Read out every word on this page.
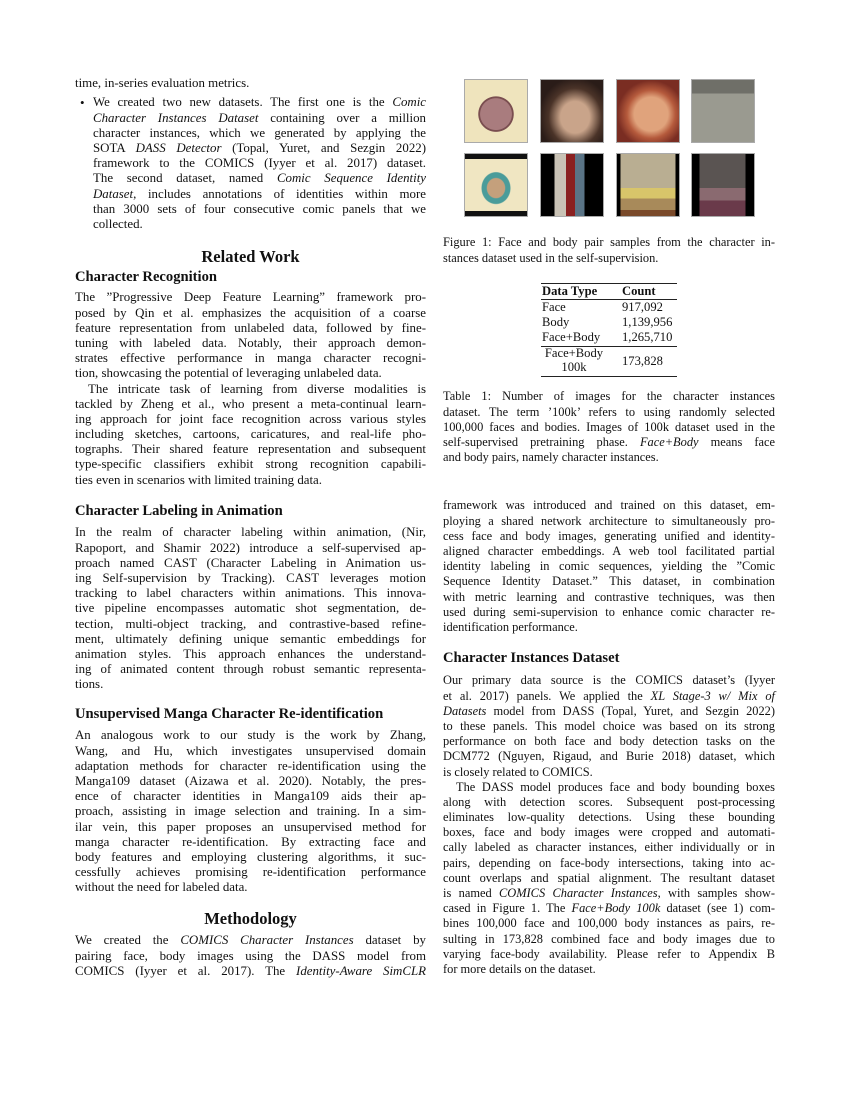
time, in-series evaluation metrics.
• We created two new datasets. The first one is the Comic
Character Instances Dataset containing over a million
character instances, which we generated by applying the
SOTA DASS Detector (Topal, Yuret, and Sezgin 2022)
framework to the COMICS (Iyyer et al. 2017) dataset.
The second dataset, named Comic Sequence Identity
Dataset, includes annotations of identities within more
than 3000 sets of four consecutive comic panels that we
collected.
Related Work
Character Recognition
The ”Progressive Deep Feature Learning” framework pro-
posed by Qin et al. emphasizes the acquisition of a coarse
feature representation from unlabeled data, followed by fine-
tuning with labeled data. Notably, their approach demon-
strates effective performance in manga character recogni-
tion, showcasing the potential of leveraging unlabeled data.
The intricate task of learning from diverse modalities is
tackled by Zheng et al., who present a meta-continual learn-
ing approach for joint face recognition across various styles
including sketches, cartoons, caricatures, and real-life pho-
tographs. Their shared feature representation and subsequent
type-specific classifiers exhibit strong recognition capabili-
ties even in scenarios with limited training data.
Character Labeling in Animation
In the realm of character labeling within animation, (Nir,
Rapoport, and Shamir 2022) introduce a self-supervised ap-
proach named CAST (Character Labeling in Animation us-
ing Self-supervision by Tracking). CAST leverages motion
tracking to label characters within animations. This innova-
tive pipeline encompasses automatic shot segmentation, de-
tection, multi-object tracking, and contrastive-based refine-
ment, ultimately defining unique semantic embeddings for
animation styles. This approach enhances the understand-
ing of animated content through robust semantic representa-
tions.
Unsupervised Manga Character Re-identification
An analogous work to our study is the work by Zhang,
Wang, and Hu, which investigates unsupervised domain
adaptation methods for character re-identification using the
Manga109 dataset (Aizawa et al. 2020). Notably, the pres-
ence of character identities in Manga109 aids their ap-
proach, assisting in image selection and training. In a sim-
ilar vein, this paper proposes an unsupervised method for
manga character re-identification. By extracting face and
body features and employing clustering algorithms, it suc-
cessfully achieves promising re-identification performance
without the need for labeled data.
Methodology
We created the COMICS Character Instances dataset by
pairing face, body images using the DASS model from
COMICS (Iyyer et al. 2017). The Identity-Aware SimCLR
Figure 1: Face and body pair samples from the character in-
stances dataset used in the self-supervision.
Data Type Count
Face	917,092
Body	1,139,956
Face+Body 1,265,710
Face+Body
100k	173,828
Table 1: Number of images for the character instances
dataset. The term ’100k’ refers to using randomly selected
100,000 faces and bodies. Images of 100k dataset used in the
self-supervised pretraining phase. Face+Body means face
and body pairs, namely character instances.
framework was introduced and trained on this dataset, em-
ploying a shared network architecture to simultaneously pro-
cess face and body images, generating unified and identity-
aligned character embeddings. A web tool facilitated partial
identity labeling in comic sequences, yielding the ”Comic
Sequence Identity Dataset.” This dataset, in combination
with metric learning and contrastive techniques, was then
used during semi-supervision to enhance comic character re-
identification performance.
Character Instances Dataset
Our primary data source is the COMICS dataset’s (Iyyer
et al. 2017) panels. We applied the XL Stage-3 w/ Mix of
Datasets model from DASS (Topal, Yuret, and Sezgin 2022)
to these panels. This model choice was based on its strong
performance on both face and body detection tasks on the
DCM772 (Nguyen, Rigaud, and Burie 2018) dataset, which
is closely related to COMICS.
The DASS model produces face and body bounding boxes
along with detection scores. Subsequent post-processing
eliminates low-quality detections. Using these bounding
boxes, face and body images were cropped and automati-
cally labeled as character instances, either individually or in
pairs, depending on face-body intersections, taking into ac-
count overlaps and spatial alignment. The resultant dataset
is named COMICS Character Instances, with samples show-
cased in Figure 1. The Face+Body 100k dataset (see 1) com-
bines 100,000 face and 100,000 body instances as pairs, re-
sulting in 173,828 combined face and body images due to
varying face-body availability. Please refer to Appendix B
for more details on the dataset.
